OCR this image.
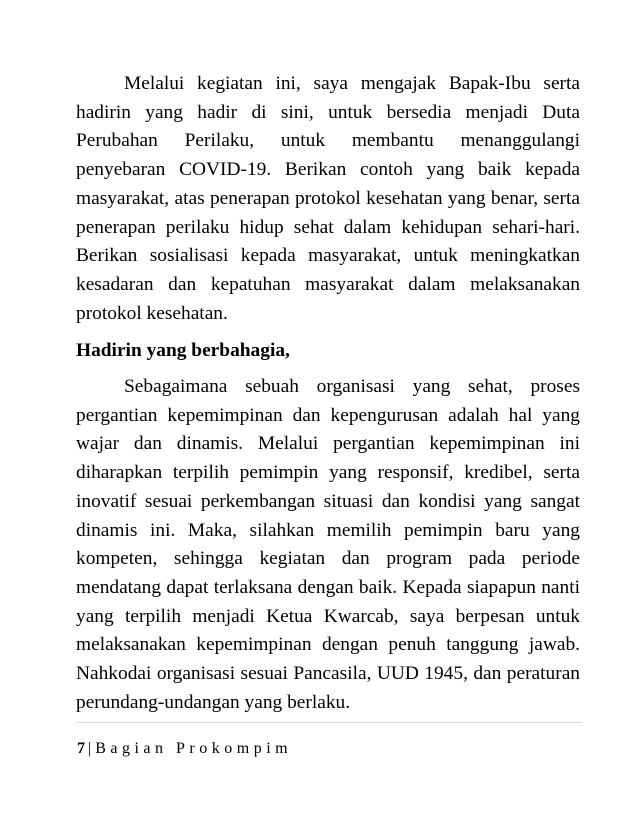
Melalui kegiatan ini, saya mengajak Bapak-Ibu serta hadirin yang hadir di sini, untuk bersedia menjadi Duta Perubahan Perilaku, untuk membantu menanggulangi penyebaran COVID-19. Berikan contoh yang baik kepada masyarakat, atas penerapan protokol kesehatan yang benar, serta penerapan perilaku hidup sehat dalam kehidupan sehari-hari. Berikan sosialisasi kepada masyarakat, untuk meningkatkan kesadaran dan kepatuhan masyarakat dalam melaksanakan protokol kesehatan.

Hadirin yang berbahagia,

Sebagaimana sebuah organisasi yang sehat, proses pergantian kepemimpinan dan kepengurusan adalah hal yang wajar dan dinamis. Melalui pergantian kepemimpinan ini diharapkan terpilih pemimpin yang responsif, kredibel, serta inovatif sesuai perkembangan situasi dan kondisi yang sangat dinamis ini. Maka, silahkan memilih pemimpin baru yang kompeten, sehingga kegiatan dan program pada periode mendatang dapat terlaksana dengan baik. Kepada siapapun nanti yang terpilih menjadi Ketua Kwarcab, saya berpesan untuk melaksanakan kepemimpinan dengan penuh tanggung jawab. Nahkodai organisasi sesuai Pancasila, UUD 1945, dan peraturan perundang-undangan yang berlaku.

7 | Bagian Prokompim
